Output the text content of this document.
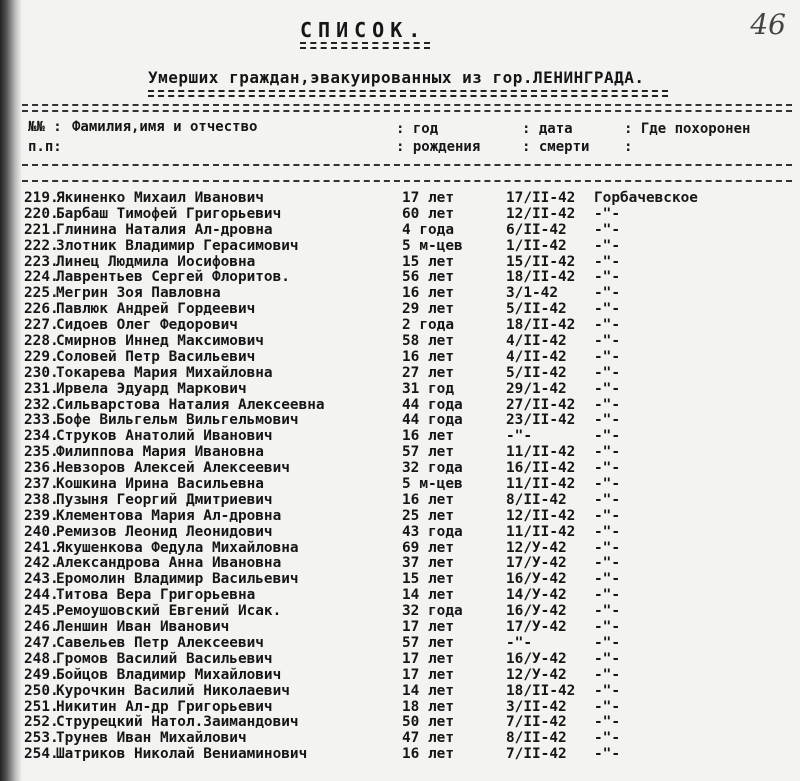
46
СПИСОК.
Умерших граждан,эвакуированных из гор.ЛЕНИНГРАДА.
№№ :
п.п:
Фамилия,имя и отчество	: год
: рождения
: дата
: смерти
: Где похоронен
:
219.
Якиненко Михаил Иванович	17 лет	17/II-42 Горбачевское
220.
Барбаш Тимофей Григорьевич	60 лет	12/II-42 -"-
221.
Глинина Наталия Ал-дровна	4 года	6/II-42 -"-
222.
Злотник Владимир Герасимович	5 м-цев	1/II-42 -"-
223.
Линец Людмила Иосифовна	15 лет	15/II-42 -"-
224.
Лаврентьев Сергей Флоритов.	56 лет	18/II-42 -"-
225.
Мегрин Зоя Павловна	16 лет	3/1-42	-"-
226.
Павлюк Андрей Гордеевич	29 лет	5/II-42 -"-
227.
Сидоев Олег Федорович	2 года	18/II-42 -"-
228.
Смирнов Иннед Максимович	58 лет	4/II-42 -"-
229.
Соловей Петр Васильевич	16 лет	4/II-42 -"-
230.
Токарева Мария Михайловна	27 лет	5/II-42 -"-
231.
Ирвела Эдуард Маркович	31 год	29/1-42 -"-
232.
Сильварстова Наталия Алексеевна	44 года	27/II-42 -"-
233.
Бофе Вильгельм Вильгельмович	44 года	23/II-42 -"-
234.
Струков Анатолий Иванович	16 лет	-"-	-"-
235.
Филиппова Мария Ивановна	57 лет	11/II-42 -"-
236.
Невзоров Алексей Алексеевич	32 года	16/II-42 -"-
237.
Кошкина Ирина Васильевна	5 м-цев	11/II-42 -"-
238.
Пузыня Георгий Дмитриевич	16 лет	8/II-42 -"-
239.
Клементова Мария Ал-дровна	25 лет	12/II-42 -"-
240.
Ремизов Леонид Леонидович	43 года	11/II-42 -"-
241.
Якушенкова Федула Михайловна	69 лет	12/У-42 -"-
242.
Александрова Анна Ивановна	37 лет	17/У-42 -"-
243.
Еромолин Владимир Васильевич	15 лет	16/У-42 -"-
244.
Титова Вера Григорьевна	14 лет	14/У-42 -"-
245.
Ремоушовский Евгений Исак.	32 года	16/У-42 -"-
246.
Леншин Иван Иванович	17 лет	17/У-42 -"-
247.
Савельев Петр Алексеевич	57 лет	-"-	-"-
248.
Громов Василий Васильевич	17 лет	16/У-42 -"-
249.
Бойцов Владимир Михайлович	17 лет	12/У-42 -"-
250.
Курочкин Василий Николаевич	14 лет	18/II-42 -"-
251.
Никитин Ал-др Григорьевич	18 лет	3/II-42 -"-
252.
Струрецкий Натол.Заимандович	50 лет	7/II-42 -"-
253.
Трунев Иван Михайлович	47 лет	8/II-42 -"-
254.
Шатриков Николай Вениаминович	16 лет	7/II-42 -"-
